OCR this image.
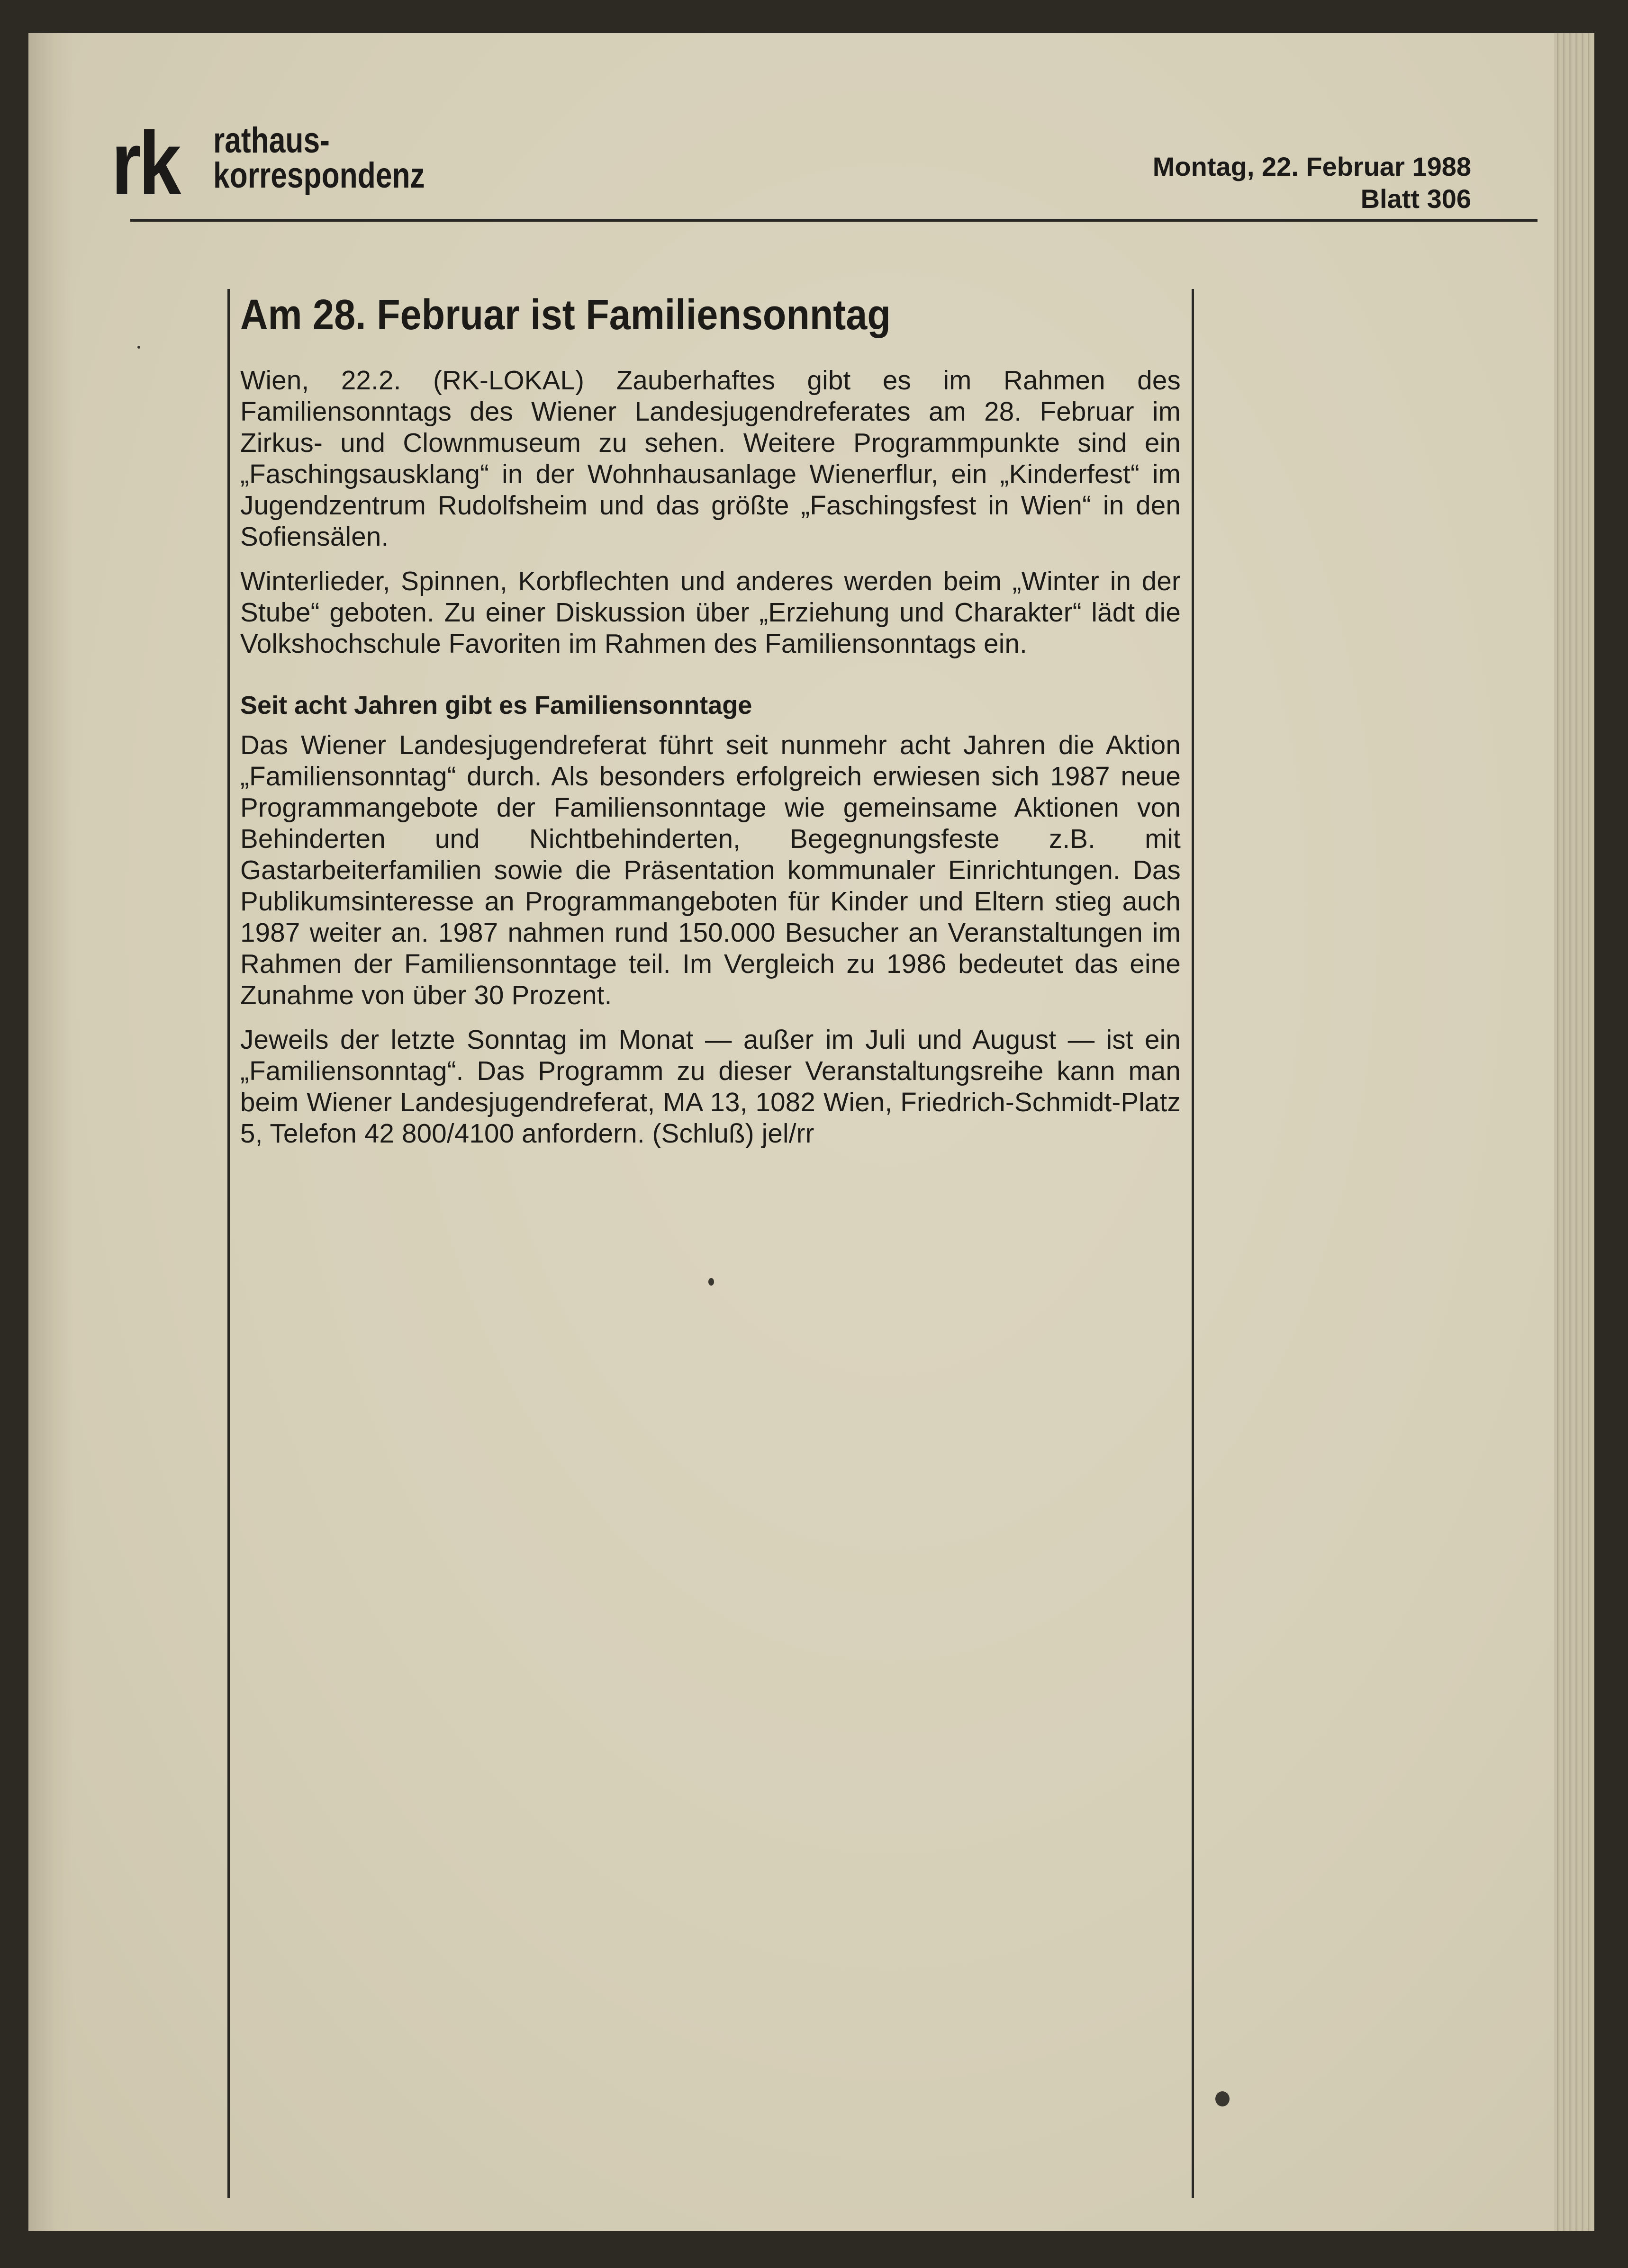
rk rathaus-
korrespondenz	Montag, 22. Februar 1988
Blatt 306
Am 28. Februar ist Familiensonntag

Wien, 22.2. (RK-LOKAL) Zauberhaftes gibt es im Rahmen des Familiensonntags des Wiener Landesjugendreferates am 28. Februar im Zirkus- und Clownmuseum zu sehen. Weitere Programmpunkte sind ein „Faschingsausklang“ in der Wohnhausanlage Wienerflur, ein „Kinderfest“ im Jugendzentrum Rudolfsheim und das größte „Faschingsfest in Wien“ in den Sofiensälen.

Winterlieder, Spinnen, Korbflechten und anderes werden beim „Winter in der Stube“ geboten. Zu einer Diskussion über „Erziehung und Charakter“ lädt die Volkshochschule Favoriten im Rahmen des Familiensonntags ein.

Seit acht Jahren gibt es Familiensonntage

Das Wiener Landesjugendreferat führt seit nunmehr acht Jahren die Aktion „Familiensonntag“ durch. Als besonders erfolgreich erwiesen sich 1987 neue Programmangebote der Familiensonntage wie gemeinsame Aktionen von Behinderten und Nichtbehinderten, Begegnungsfeste z.B. mit Gastarbeiterfamilien sowie die Präsentation kommunaler Einrichtungen. Das Publikumsinteresse an Programmangeboten für Kinder und Eltern stieg auch 1987 weiter an. 1987 nahmen rund 150.000 Besucher an Veranstaltungen im Rahmen der Familiensonntage teil. Im Vergleich zu 1986 bedeutet das eine Zunahme von über 30 Prozent.

Jeweils der letzte Sonntag im Monat — außer im Juli und August — ist ein „Familiensonntag“. Das Programm zu dieser Veranstaltungsreihe kann man beim Wiener Landesjugendreferat, MA 13, 1082 Wien, Friedrich-Schmidt-Platz 5, Telefon 42 800/4100 anfordern. (Schluß) jel/rr
